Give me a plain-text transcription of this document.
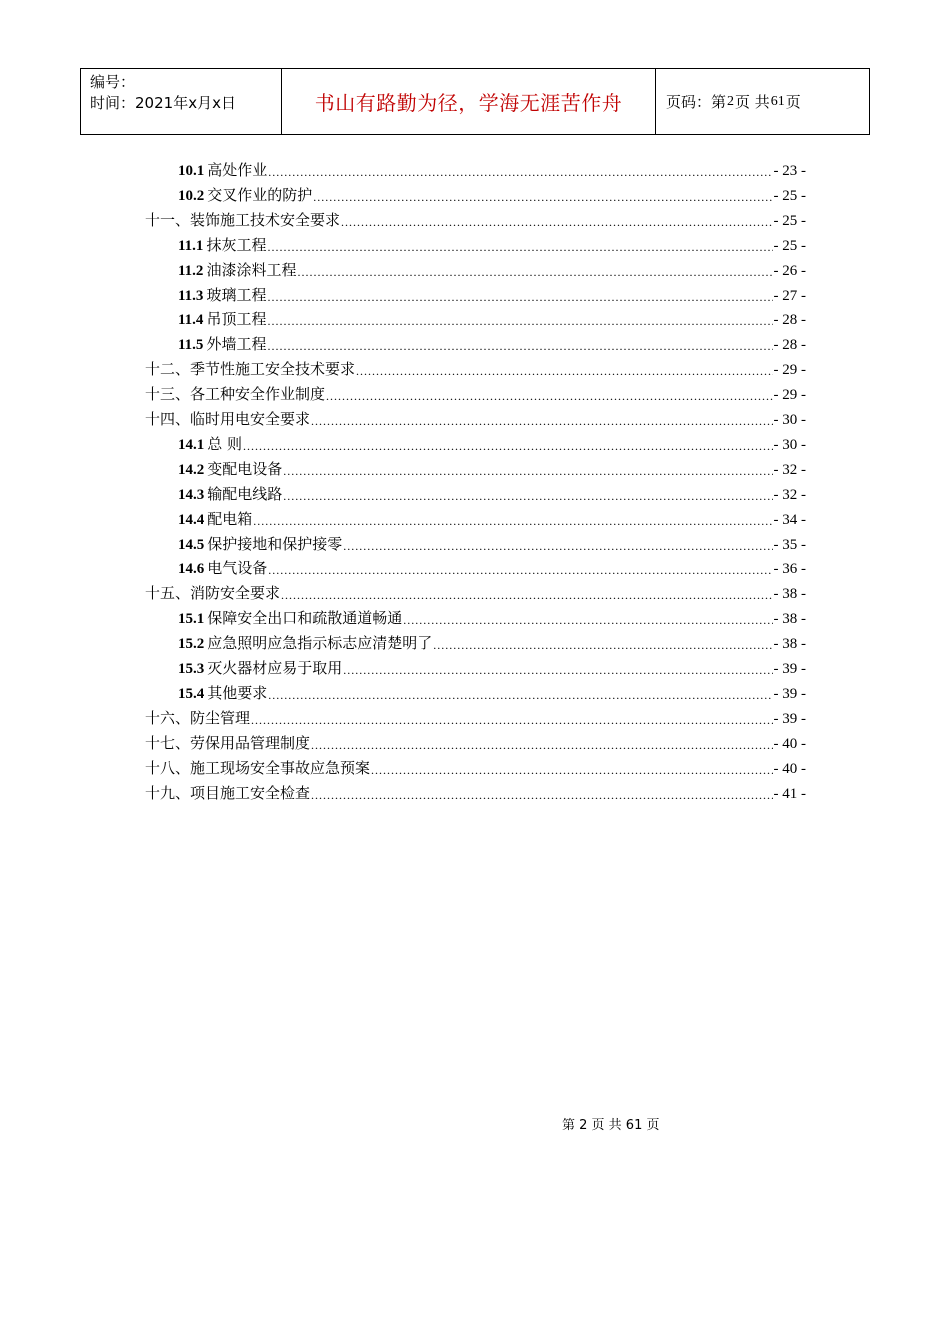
编号：
时间：2021年x月x日	书山有路勤为径，学海无涯苦作舟	页码：第 2 页 共 61 页
10.1 高处作业 .....	- 23 -
10.2 交叉作业的防护 .....	- 25 -
十一、装饰施工技术安全要求 .....	- 25 -
11.1 抹灰工程 .....	- 25 -
11.2 油漆涂料工程 .....	- 26 -
11.3 玻璃工程 .....	- 27 -
11.4 吊顶工程 .....	- 28 -
11.5 外墙工程 .....	- 28 -
十二、季节性施工安全技术要求 .....	- 29 -
十三、各工种安全作业制度 .....	- 29 -
十四、临时用电安全要求 .....	- 30 -
14.1 总 则 .....	- 30 -
14.2 变配电设备 .....	- 32 -
14.3 输配电线路 .....	- 32 -
14.4 配电箱 .....	- 34 -
14.5 保护接地和保护接零 .....	- 35 -
14.6 电气设备 .....	- 36 -
十五、消防安全要求 .....	- 38 -
15.1 保障安全出口和疏散通道畅通 .....	- 38 -
15.2 应急照明应急指示标志应清楚明了 .....	- 38 -
15.3 灭火器材应易于取用 .....	- 39 -
15.4 其他要求 .....	- 39 -
十六、防尘管理 .....	- 39 -
十七、劳保用品管理制度 .....	- 40 -
十八、施工现场安全事故应急预案 .....	- 40 -
十九、项目施工安全检查 .....	- 41 -
第 2 页 共 61 页
